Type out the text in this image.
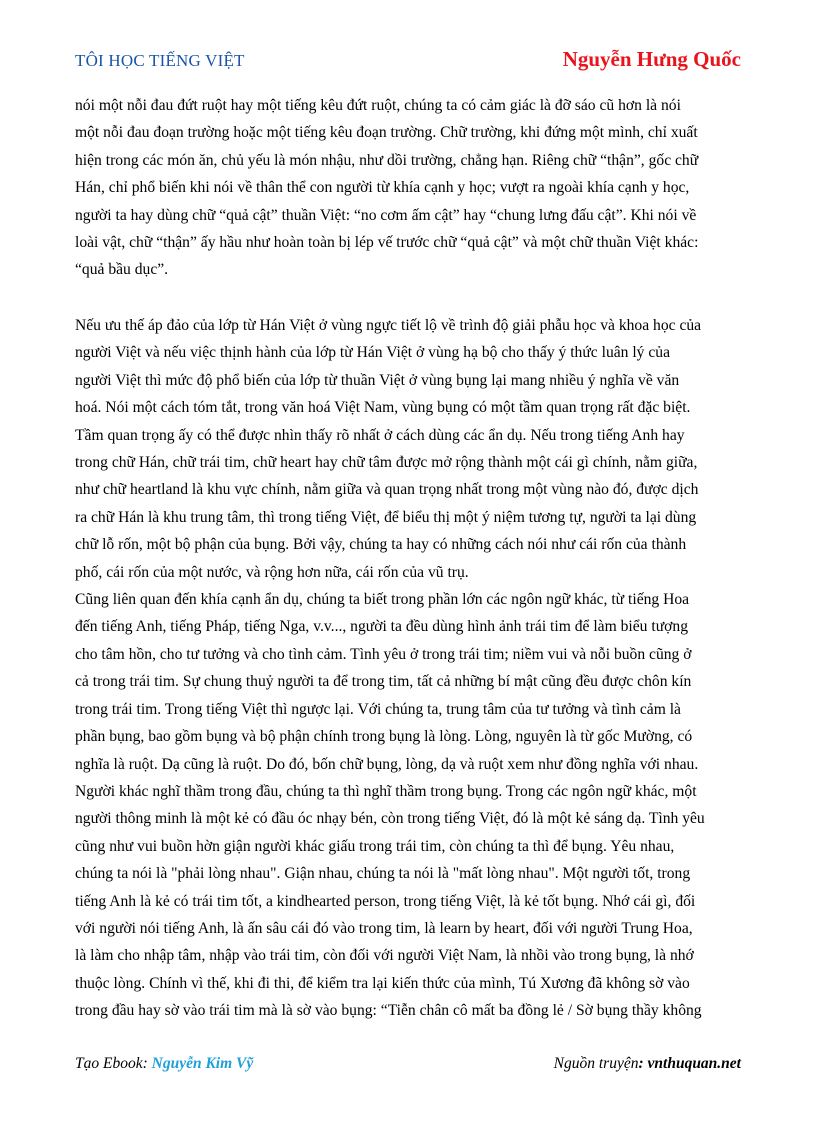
TÔI HỌC TIẾNG VIỆT	Nguyễn Hưng Quốc
nói một nỗi đau đứt ruột hay một tiếng kêu đứt ruột, chúng ta có cảm giác là đỡ sáo cũ hơn là nói
một nỗi đau đoạn trường hoặc một tiếng kêu đoạn trường. Chữ trường, khi đứng một mình, chỉ xuất
hiện trong các món ăn, chủ yếu là món nhậu, như dồi trường, chẳng hạn. Riêng chữ “thận”, gốc chữ
Hán, chỉ phổ biến khi nói về thân thể con người từ khía cạnh y học; vượt ra ngoài khía cạnh y học,
người ta hay dùng chữ “quả cật” thuần Việt: “no cơm ấm cật” hay “chung lưng đấu cật”. Khi nói về
loài vật, chữ “thận” ấy hầu như hoàn toàn bị lép vế trước chữ “quả cật” và một chữ thuần Việt khác:
“quả bầu dục”.
Nếu ưu thế áp đảo của lớp từ Hán Việt ở vùng ngực tiết lộ về trình độ giải phẫu học và khoa học của
người Việt và nếu việc thịnh hành của lớp từ Hán Việt ở vùng hạ bộ cho thấy ý thức luân lý của
người Việt thì mức độ phổ biến của lớp từ thuần Việt ở vùng bụng lại mang nhiều ý nghĩa về văn
hoá. Nói một cách tóm tắt, trong văn hoá Việt Nam, vùng bụng có một tầm quan trọng rất đặc biệt.
Tầm quan trọng ấy có thể được nhìn thấy rõ nhất ở cách dùng các ẩn dụ. Nếu trong tiếng Anh hay
trong chữ Hán, chữ trái tim, chữ heart hay chữ tâm được mở rộng thành một cái gì chính, nằm giữa,
như chữ heartland là khu vực chính, nằm giữa và quan trọng nhất trong một vùng nào đó, được dịch
ra chữ Hán là khu trung tâm, thì trong tiếng Việt, để biểu thị một ý niệm tương tự, người ta lại dùng
chữ lỗ rốn, một bộ phận của bụng. Bởi vậy, chúng ta hay có những cách nói như cái rốn của thành
phố, cái rốn của một nước, và rộng hơn nữa, cái rốn của vũ trụ.
Cũng liên quan đến khía cạnh ẩn dụ, chúng ta biết trong phần lớn các ngôn ngữ khác, từ tiếng Hoa
đến tiếng Anh, tiếng Pháp, tiếng Nga, v.v..., người ta đều dùng hình ảnh trái tim để làm biểu tượng
cho tâm hồn, cho tư tưởng và cho tình cảm. Tình yêu ở trong trái tim; niềm vui và nỗi buồn cũng ở
cả trong trái tim. Sự chung thuỷ người ta để trong tim, tất cả những bí mật cũng đều được chôn kín
trong trái tim. Trong tiếng Việt thì ngược lại. Với chúng ta, trung tâm của tư tưởng và tình cảm là
phần bụng, bao gồm bụng và bộ phận chính trong bụng là lòng. Lòng, nguyên là từ gốc Mường, có
nghĩa là ruột. Dạ cũng là ruột. Do đó, bốn chữ bụng, lòng, dạ và ruột xem như đồng nghĩa với nhau.
Người khác nghĩ thầm trong đầu, chúng ta thì nghĩ thầm trong bụng. Trong các ngôn ngữ khác, một
người thông minh là một kẻ có đầu óc nhạy bén, còn trong tiếng Việt, đó là một kẻ sáng dạ. Tình yêu
cũng như vui buồn hờn giận người khác giấu trong trái tim, còn chúng ta thì để bụng. Yêu nhau,
chúng ta nói là "phải lòng nhau". Giận nhau, chúng ta nói là "mất lòng nhau". Một người tốt, trong
tiếng Anh là kẻ có trái tim tốt, a kindhearted person, trong tiếng Việt, là kẻ tốt bụng. Nhớ cái gì, đối
với người nói tiếng Anh, là ấn sâu cái đó vào trong tim, là learn by heart, đối với người Trung Hoa,
là làm cho nhập tâm, nhập vào trái tim, còn đối với người Việt Nam, là nhồi vào trong bụng, là nhớ
thuộc lòng. Chính vì thế, khi đi thi, để kiểm tra lại kiến thức của mình, Tú Xương đã không sờ vào
trong đầu hay sờ vào trái tim mà là sờ vào bụng: “Tiễn chân cô mất ba đồng lẻ / Sờ bụng thầy không
Tạo Ebook: Nguyễn Kim Vỹ	Nguồn truyện: vnthuquan.net
